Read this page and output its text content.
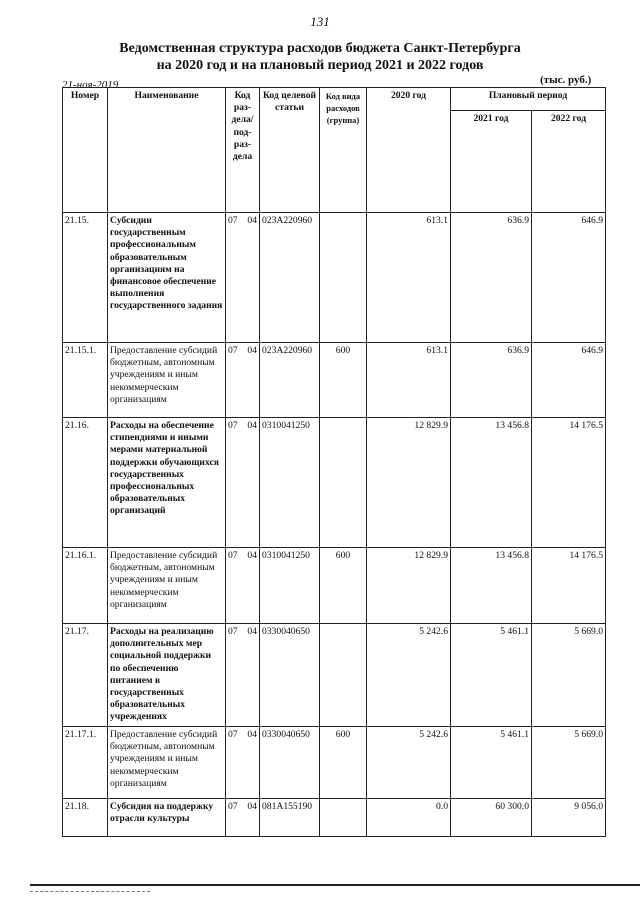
131
Ведомственная структура расходов бюджета Санкт-Петербурга
на 2020 год и на плановый период 2021 и 2022 годов
21-ноя-2019	(тыс. руб.)
Номер	Наименование	Код раз- дела/ под- раз- дела	Код целевой статьи	Код вида расходов (группа)	2020 год	Плановый период	
						2021 год	2022 год
21.15.	Субсидии государственным профессиональным образовательным организациям на финансовое обеспечение выполнения государственного задания	07 04	023A220960		613.1	636.9	646.9
21.15.1.	Предоставление субсидий бюджетным, автономным учреждениям и иным некоммерческим организациям	07 04	023A220960	600	613.1	636.9	646.9
21.16.	Расходы на обеспечение стипендиями и иными мерами материальной поддержки обучающихся государственных профессиональных образовательных организаций	07 04	0310041250		12 829.9	13 456.8	14 176.5
21.16.1.	Предоставление субсидий бюджетным, автономным учреждениям и иным некоммерческим организациям	07 04	0310041250	600	12 829.9	13 456.8	14 176.5
21.17.	Расходы на реализацию дополнительных мер социальной поддержки по обеспечению питанием в государственных образовательных учреждениях	07 04	0330040650		5 242.6	5 461.1	5 669.0
21.17.1.	Предоставление субсидий бюджетным, автономным учреждениям и иным некоммерческим организациям	07 04	0330040650	600	5 242.6	5 461.1	5 669.0
21.18.	Субсидия на поддержку отрасли культуры	07 04	081A155190		0.0	60 300.0	9 056.0
